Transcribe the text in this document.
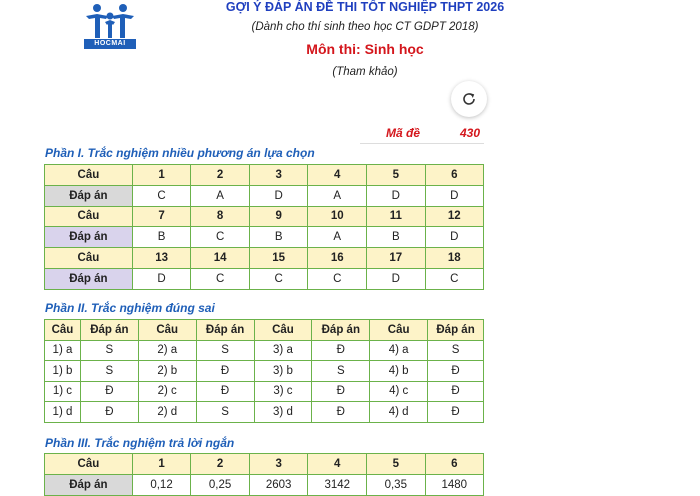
HOCMAI
GỢI Ý ĐÁP ÁN ĐỀ THI TỐT NGHIỆP THPT 2026
(Dành cho thí sinh theo học CT GDPT 2018)
Môn thi: Sinh học
(Tham khảo)
Mã đề	430
Phần I. Trắc nghiệm nhiều phương án lựa chọn
Câu	1	2	3	4	5	6
Đáp án	C	A	D	A	D	D
Câu	7	8	9	10	11	12
Đáp án	B	C	B	A	B	D
Câu	13	14	15	16	17	18
Đáp án	D	C	C	C	D	C
Phần II. Trắc nghiệm đúng sai
Câu	Đáp án	Câu	Đáp án	Câu	Đáp án	Câu	Đáp án
1) a	S	2) a	S	3) a	Đ	4) a	S
1) b	S	2) b	Đ	3) b	S	4) b	Đ
1) c	Đ	2) c	Đ	3) c	Đ	4) c	Đ
1) d	Đ	2) d	S	3) d	Đ	4) d	Đ
Phần III. Trắc nghiệm trả lời ngắn
Câu	1	2	3	4	5	6
Đáp án	0,12	0,25	2603	3142	0,35	1480
